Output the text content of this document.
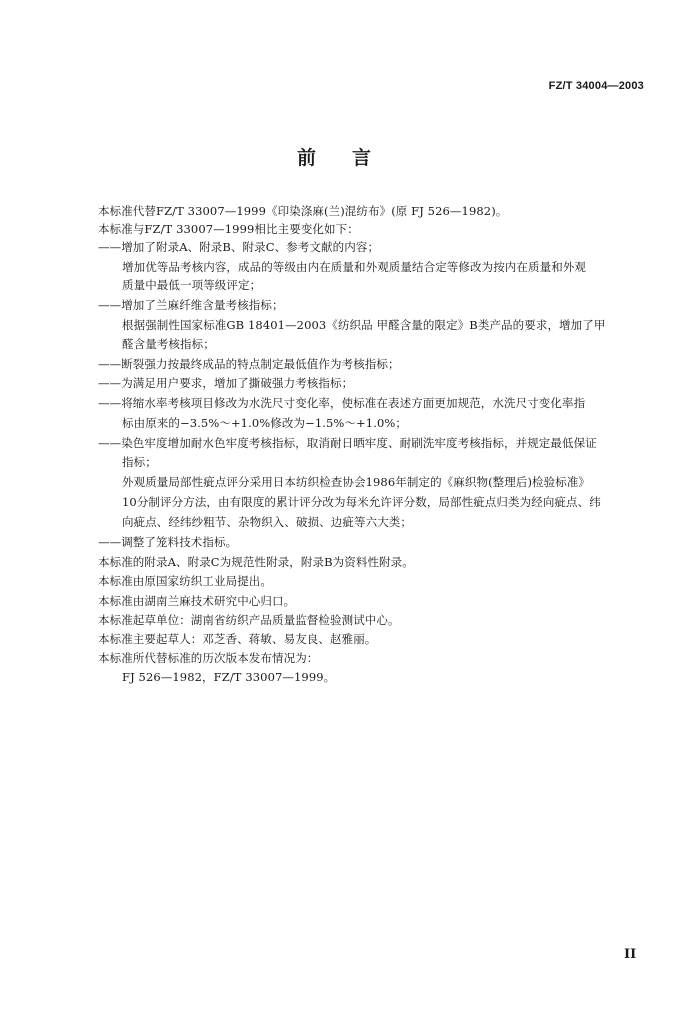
FZ/T 34004—2003
前言
本标准代替FZ/T 33007—1999《印染涤麻(兰)混纺布》(原 FJ 526—1982)。
本标准与FZ/T 33007—1999相比主要变化如下：
——增加了附录A、附录B、附录C、参考文献的内容；
增加优等品考核内容，成品的等级由内在质量和外观质量结合定等修改为按内在质量和外观
质量中最低一项等级评定；
——增加了兰麻纤维含量考核指标；
根据强制性国家标准GB 18401—2003《纺织品 甲醛含量的限定》B类产品的要求，增加了甲
醛含量考核指标；
——断裂强力按最终成品的特点制定最低值作为考核指标；
——为满足用户要求，增加了撕破强力考核指标；
——将缩水率考核项目修改为水洗尺寸变化率，使标准在表述方面更加规范，水洗尺寸变化率指
标由原来的−3.5%～+1.0%修改为−1.5%～+1.0%；
——染色牢度增加耐水色牢度考核指标，取消耐日晒牢度、耐刷洗牢度考核指标，并规定最低保证
指标；
外观质量局部性疵点评分采用日本纺织检查协会1986年制定的《麻织物(整理后)检验标准》
10分制评分方法，由有限度的累计评分改为每米允许评分数，局部性疵点归类为经向疵点、纬
向疵点、经纬纱粗节、杂物织入、破损、边疵等六大类；
——调整了笼料技术指标。
本标准的附录A、附录C为规范性附录，附录B为资料性附录。
本标准由原国家纺织工业局提出。
本标准由湖南兰麻技术研究中心归口。
本标准起草单位：湖南省纺织产品质量监督检验测试中心。
本标准主要起草人：邓芝香、蒋敏、易友良、赵雅丽。
本标准所代替标准的历次版本发布情况为：
FJ 526—1982，FZ/T 33007—1999。
II
